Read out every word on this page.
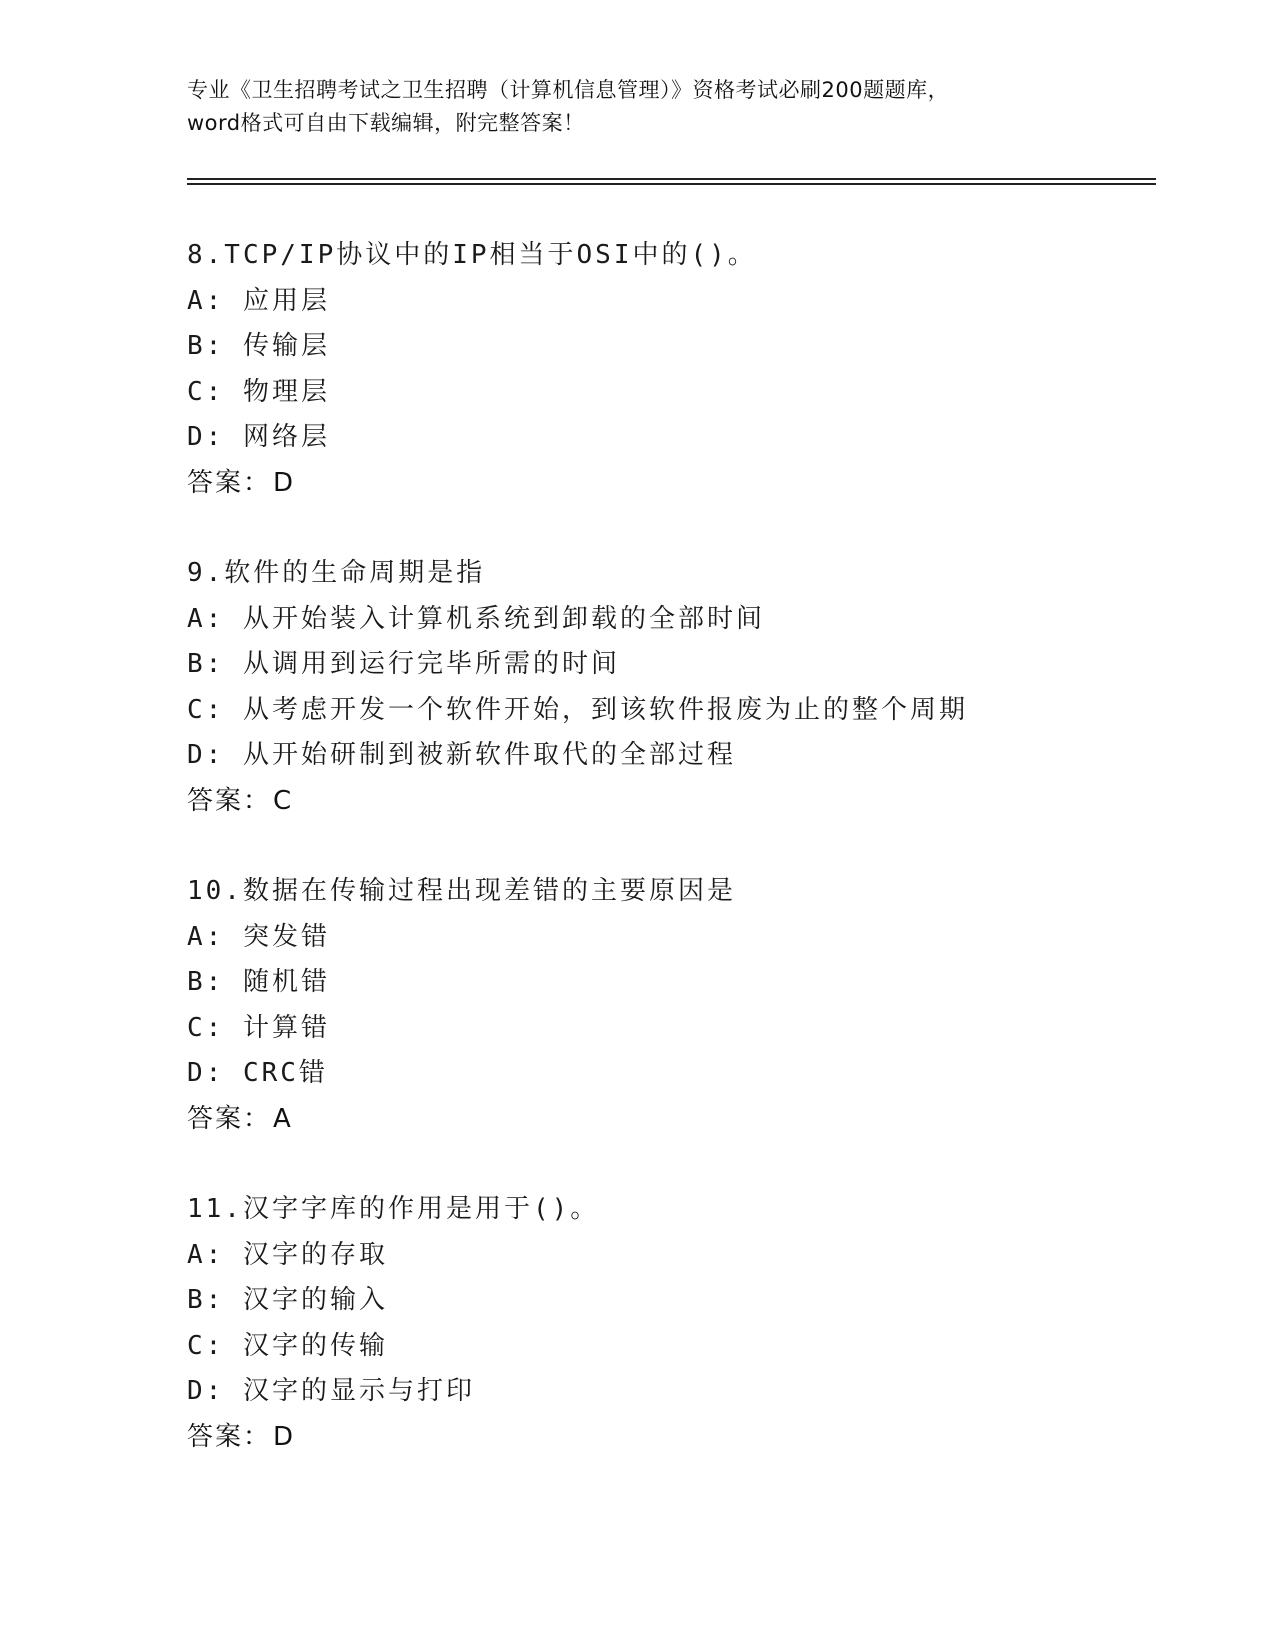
专业《卫生招聘考试之卫生招聘（计算机信息管理）》资格考试必刷200题题库，
word格式可自由下载编辑，附完整答案！
8.TCP/IP协议中的IP相当于OSI中的()。
A: 应用层
B: 传输层
C: 物理层
D: 网络层
答案：D
9.软件的生命周期是指
A: 从开始装入计算机系统到卸载的全部时间
B: 从调用到运行完毕所需的时间
C: 从考虑开发一个软件开始，到该软件报废为止的整个周期
D: 从开始研制到被新软件取代的全部过程
答案：C
10.数据在传输过程出现差错的主要原因是
A: 突发错
B: 随机错
C: 计算错
D: CRC错
答案：A
11.汉字字库的作用是用于()。
A: 汉字的存取
B: 汉字的输入
C: 汉字的传输
D: 汉字的显示与打印
答案：D
